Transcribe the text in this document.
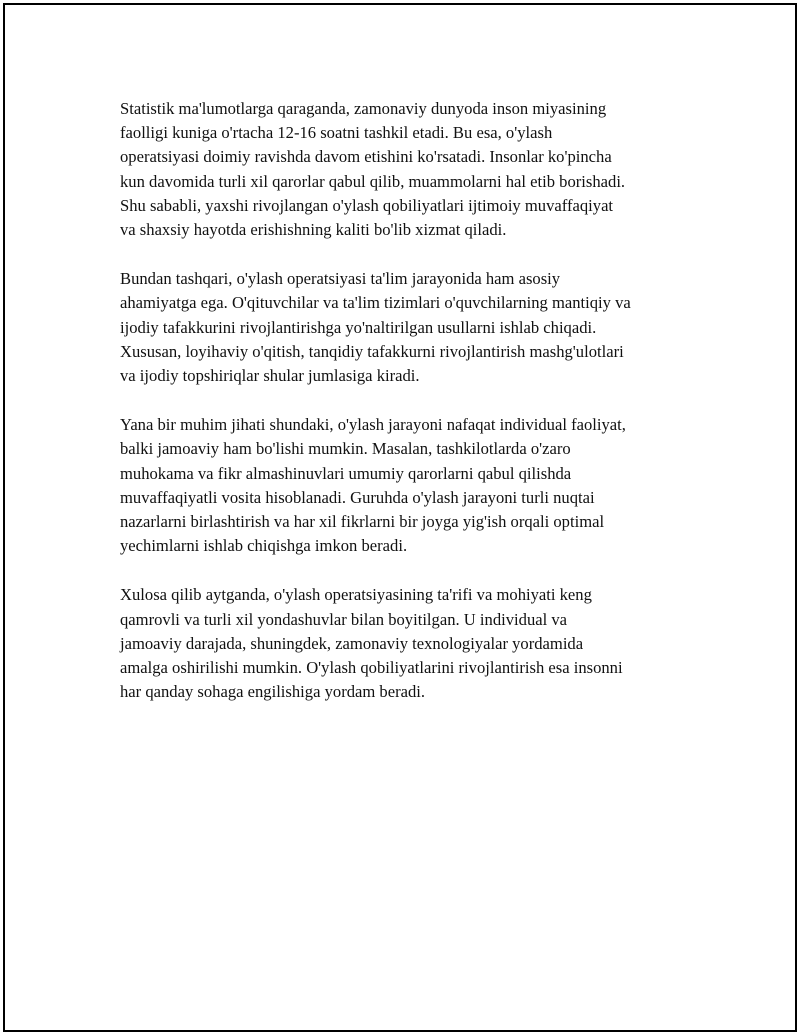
Statistik ma'lumotlarga qaraganda, zamonaviy dunyoda inson miyasining
faolligi kuniga o'rtacha 12-16 soatni tashkil etadi. Bu esa, o'ylash
operatsiyasi doimiy ravishda davom etishini ko'rsatadi. Insonlar ko'pincha
kun davomida turli xil qarorlar qabul qilib, muammolarni hal etib borishadi.
Shu sababli, yaxshi rivojlangan o'ylash qobiliyatlari ijtimoiy muvaffaqiyat
va shaxsiy hayotda erishishning kaliti bo'lib xizmat qiladi.

Bundan tashqari, o'ylash operatsiyasi ta'lim jarayonida ham asosiy
ahamiyatga ega. O'qituvchilar va ta'lim tizimlari o'quvchilarning mantiqiy va
ijodiy tafakkurini rivojlantirishga yo'naltirilgan usullarni ishlab chiqadi.
Xususan, loyihaviy o'qitish, tanqidiy tafakkurni rivojlantirish mashg'ulotlari
va ijodiy topshiriqlar shular jumlasiga kiradi.

Yana bir muhim jihati shundaki, o'ylash jarayoni nafaqat individual faoliyat,
balki jamoaviy ham bo'lishi mumkin. Masalan, tashkilotlarda o'zaro
muhokama va fikr almashinuvlari umumiy qarorlarni qabul qilishda
muvaffaqiyatli vosita hisoblanadi. Guruhda o'ylash jarayoni turli nuqtai
nazarlarni birlashtirish va har xil fikrlarni bir joyga yig'ish orqali optimal
yechimlarni ishlab chiqishga imkon beradi.

Xulosa qilib aytganda, o'ylash operatsiyasining ta'rifi va mohiyati keng
qamrovli va turli xil yondashuvlar bilan boyitilgan. U individual va
jamoaviy darajada, shuningdek, zamonaviy texnologiyalar yordamida
amalga oshirilishi mumkin. O'ylash qobiliyatlarini rivojlantirish esa insonni
har qanday sohaga engilishiga yordam beradi.
